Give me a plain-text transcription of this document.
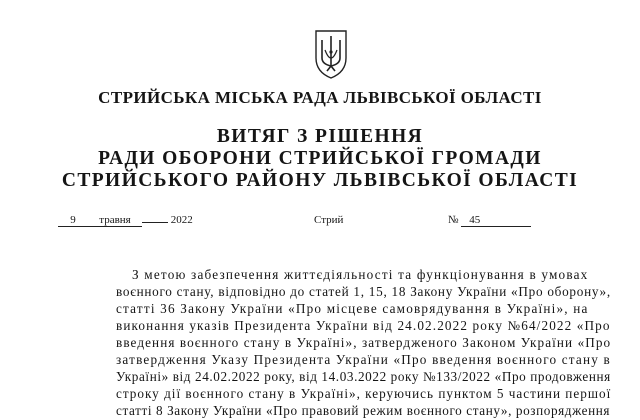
СТРИЙСЬКА МІСЬКА РАДА ЛЬВІВСЬКОЇ ОБЛАСТІ
ВИТЯГ З РІШЕННЯ
РАДИ ОБОРОНИ СТРИЙСЬКОЇ ГРОМАДИ
СТРИЙСЬКОГО РАЙОНУ ЛЬВІВСЬКОЇ ОБЛАСТІ
9 травня	2022	Стрий	№ 45
З метою забезпечення життєдіяльності та функціонування в умовах
воєнного стану, відповідно до статей 1, 15, 18 Закону України «Про оборону»,
статті 36 Закону України «Про місцеве самоврядування в Україні», на
виконання указів Президента України від 24.02.2022 року №64/2022 «Про
введення воєнного стану в Україні», затвердженого Законом України «Про
затвердження Указу Президента України «Про введення воєнного стану в
Україні» від 24.02.2022 року, від 14.03.2022 року №133/2022 «Про продовження
строку дії воєнного стану в Україні», керуючись пунктом 5 частини першої
статті 8 Закону України «Про правовий режим воєнного стану», розпорядження
